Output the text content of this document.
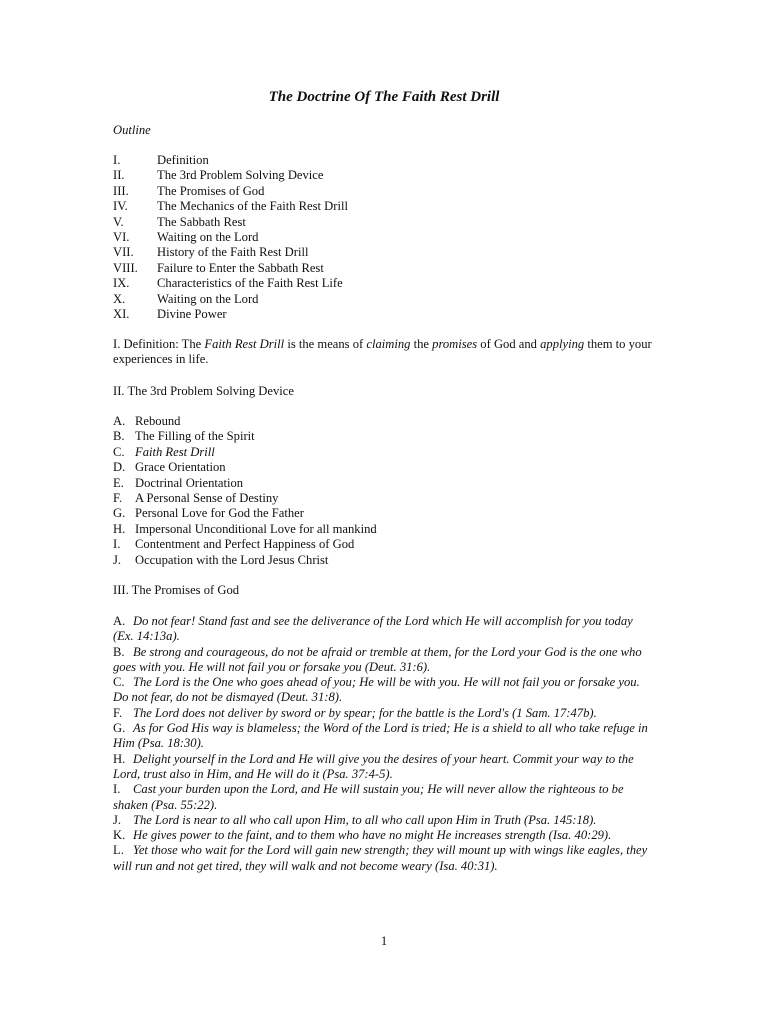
The Doctrine Of The Faith Rest Drill
Outline
I.	Definition
II.	The 3rd Problem Solving Device
III. The Promises of God
IV. The Mechanics of the Faith Rest Drill
V.	The Sabbath Rest
VI. Waiting on the Lord
VII. History of the Faith Rest Drill
VIII. Failure to Enter the Sabbath Rest
IX. Characteristics of the Faith Rest Life
X.	Waiting on the Lord
XI. Divine Power
I. Definition: The Faith Rest Drill is the means of claiming the promises of God and applying them to your experiences in life.
II. The 3rd Problem Solving Device
A. Rebound
B. The Filling of the Spirit
C. Faith Rest Drill
D. Grace Orientation
E. Doctrinal Orientation
F. A Personal Sense of Destiny
G. Personal Love for God the Father
H. Impersonal Unconditional Love for all mankind
I. Contentment and Perfect Happiness of God
J. Occupation with the Lord Jesus Christ
III. The Promises of God
A. Do not fear! Stand fast and see the deliverance of the Lord which He will accomplish for you today (Ex. 14:13a).
B. Be strong and courageous, do not be afraid or tremble at them, for the Lord your God is the one who goes with you. He will not fail you or forsake you (Deut. 31:6).
C. The Lord is the One who goes ahead of you; He will be with you. He will not fail you or forsake you. Do not fear, do not be dismayed (Deut. 31:8).
F. The Lord does not deliver by sword or by spear; for the battle is the Lord's (1 Sam. 17:47b).
G. As for God His way is blameless; the Word of the Lord is tried; He is a shield to all who take refuge in Him (Psa. 18:30).
H. Delight yourself in the Lord and He will give you the desires of your heart. Commit your way to the Lord, trust also in Him, and He will do it (Psa. 37:4-5).
I. Cast your burden upon the Lord, and He will sustain you; He will never allow the righteous to be shaken (Psa. 55:22).
J. The Lord is near to all who call upon Him, to all who call upon Him in Truth (Psa. 145:18).
K. He gives power to the faint, and to them who have no might He increases strength (Isa. 40:29).
L. Yet those who wait for the Lord will gain new strength; they will mount up with wings like eagles, they will run and not get tired, they will walk and not become weary (Isa. 40:31).
1
